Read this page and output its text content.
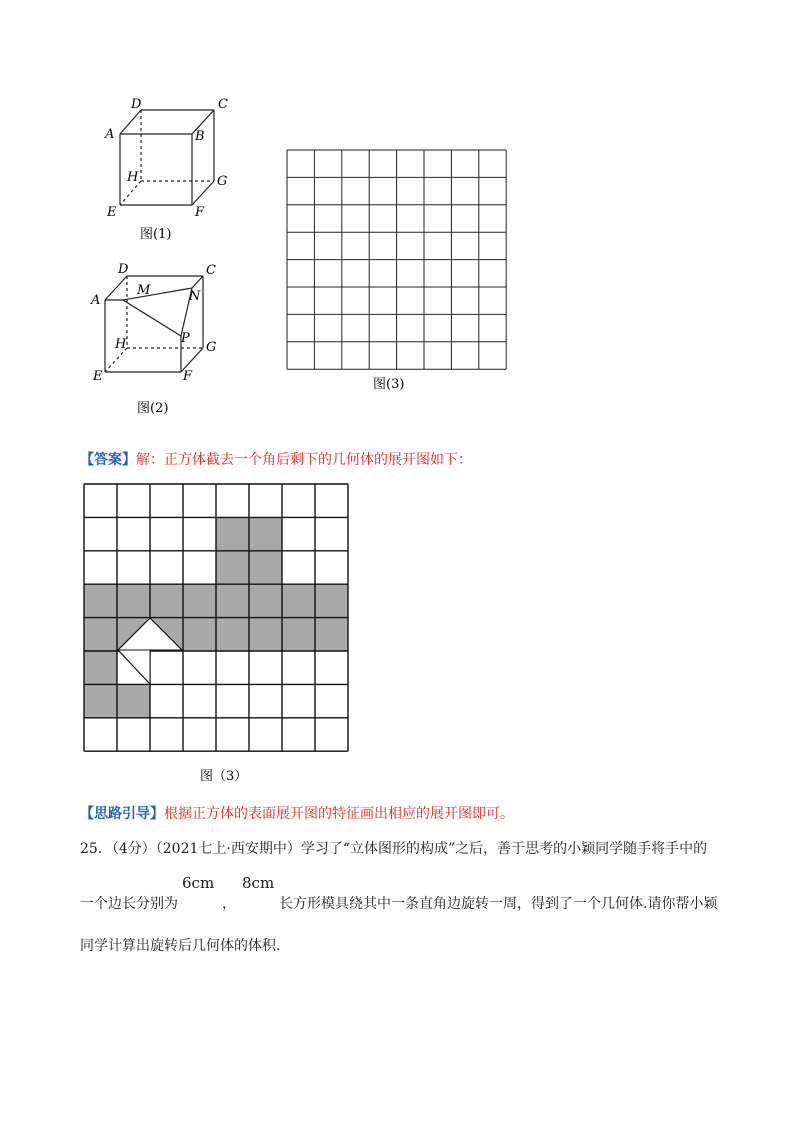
D	C
A	B
H	G
E	F
图(1)
D	C
A
M	N
P
H	G
E	F
图(2)
图(3)
【答案】解：正方体截去一个角后剩下的几何体的展开图如下：
图（3）
【思路引导】根据正方体的表面展开图的特征画出相应的展开图即可。
25．（4分）（2021七上·西安期中）学习了“立体图形的构成”之后，善于思考的小颖同学随手将手中的
一个边长分别为
6cm
，
8cm
长方形模具绕其中一条直角边旋转一周，得到了一个几何体.请你帮小颖
同学计算出旋转后几何体的体积.
